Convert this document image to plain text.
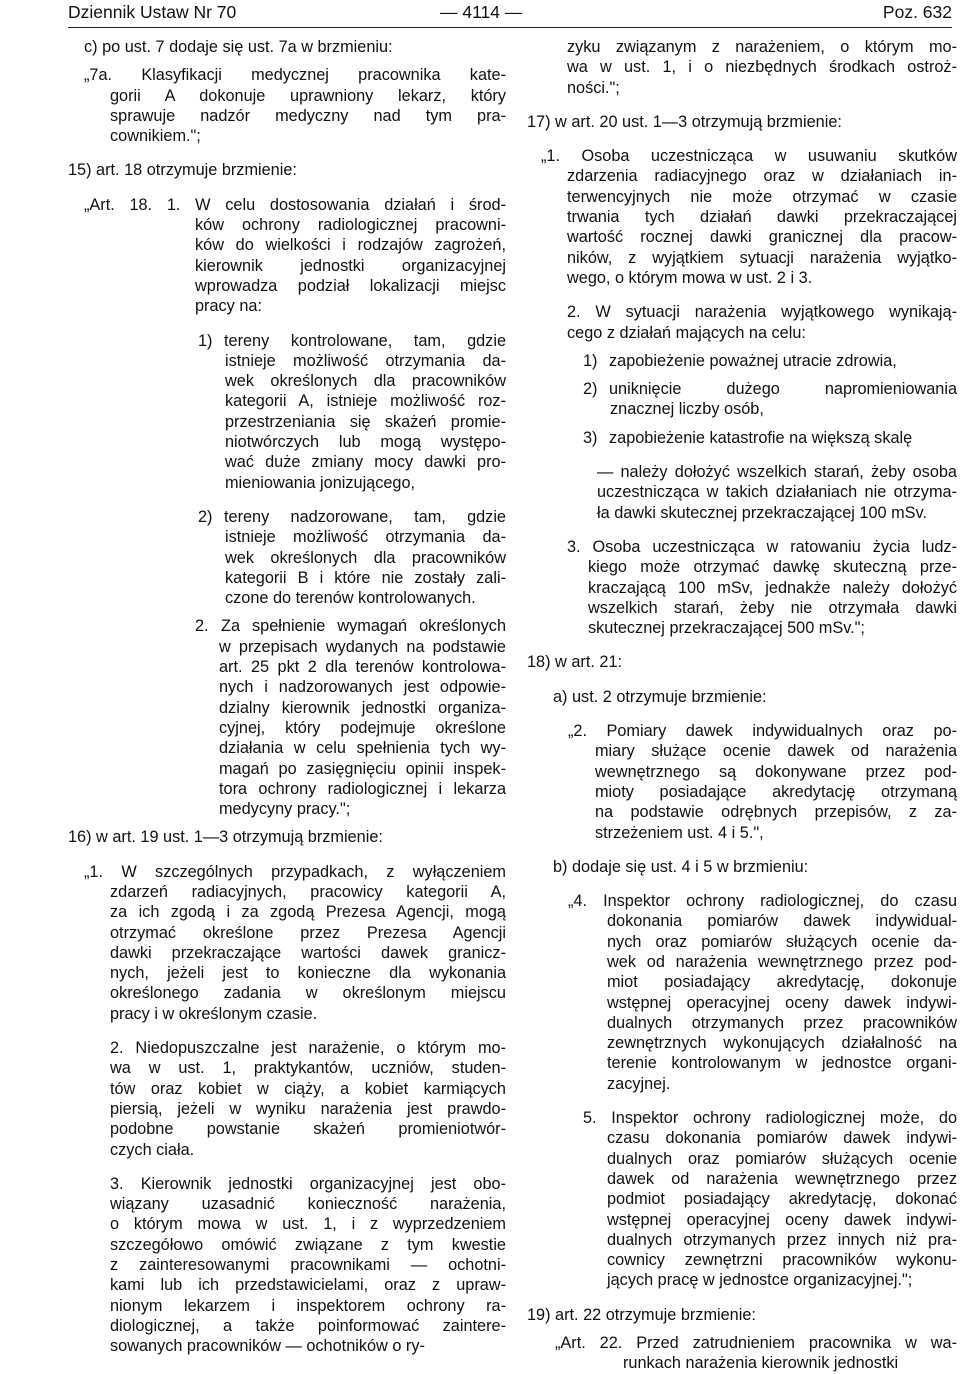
Dziennik Ustaw Nr 70	— 4114 —	Poz. 632
c) po ust. 7 dodaje się ust. 7a w brzmieniu:
„7a. Klasyfikacji medycznej pracownika kate-
gorii A dokonuje uprawniony lekarz, który
sprawuje nadzór medyczny nad tym pra-
cownikiem.";
15) art. 18 otrzymuje brzmienie:
„Art. 18. 1. W celu dostosowania działań i środ-
ków ochrony radiologicznej pracowni-
ków do wielkości i rodzajów zagrożeń,
kierownik jednostki organizacyjnej
wprowadza podział lokalizacji miejsc
pracy na:
1) tereny kontrolowane, tam, gdzie
istnieje możliwość otrzymania da-
wek określonych dla pracowników
kategorii A, istnieje możliwość roz-
przestrzeniania się skażeń promie-
niotwórczych lub mogą występo-
wać duże zmiany mocy dawki pro-
mieniowania jonizującego,
2) tereny nadzorowane, tam, gdzie
istnieje możliwość otrzymania da-
wek określonych dla pracowników
kategorii B i które nie zostały zali-
czone do terenów kontrolowanych.
2. Za spełnienie wymagań określonych
w przepisach wydanych na podstawie
art. 25 pkt 2 dla terenów kontrolowa-
nych i nadzorowanych jest odpowie-
dzialny kierownik jednostki organiza-
cyjnej, który podejmuje określone
działania w celu spełnienia tych wy-
magań po zasięgnięciu opinii inspek-
tora ochrony radiologicznej i lekarza
medycyny pracy.";
16) w art. 19 ust. 1—3 otrzymują brzmienie:
„1. W szczególnych przypadkach, z wyłączeniem
zdarzeń radiacyjnych, pracowicy kategorii A,
za ich zgodą i za zgodą Prezesa Agencji, mogą
otrzymać określone przez Prezesa Agencji
dawki przekraczające wartości dawek granicz-
nych, jeżeli jest to konieczne dla wykonania
określonego zadania w określonym miejscu
pracy i w określonym czasie.
2. Niedopuszczalne jest narażenie, o którym mo-
wa w ust. 1, praktykantów, uczniów, studen-
tów oraz kobiet w ciąży, a kobiet karmiących
piersią, jeżeli w wyniku narażenia jest prawdo-
podobne powstanie skażeń promieniotwór-
czych ciała.
3. Kierownik jednostki organizacyjnej jest obo-
wiązany uzasadnić konieczność narażenia,
o którym mowa w ust. 1, i z wyprzedzeniem
szczegółowo omówić związane z tym kwestie
z zainteresowanymi pracownikami — ochotni-
kami lub ich przedstawicielami, oraz z upraw-
nionym lekarzem i inspektorem ochrony ra-
diologicznej, a także poinformować zaintere-
sowanych pracowników — ochotników o ry-
zyku związanym z narażeniem, o którym mo-
wa w ust. 1, i o niezbędnych środkach ostroż-
ności.";
17) w art. 20 ust. 1—3 otrzymują brzmienie:
„1. Osoba uczestnicząca w usuwaniu skutków
zdarzenia radiacyjnego oraz w działaniach in-
terwencyjnych nie może otrzymać w czasie
trwania tych działań dawki przekraczającej
wartość rocznej dawki granicznej dla pracow-
ników, z wyjątkiem sytuacji narażenia wyjątko-
wego, o którym mowa w ust. 2 i 3.
2. W sytuacji narażenia wyjątkowego wynikają-
cego z działań mających na celu:
1) zapobieżenie poważnej utracie zdrowia,
2) uniknięcie dużego napromieniowania
znacznej liczby osób,
3) zapobieżenie katastrofie na większą skalę
— należy dołożyć wszelkich starań, żeby osoba
uczestnicząca w takich działaniach nie otrzyma-
ła dawki skutecznej przekraczającej 100 mSv.
3. Osoba uczestnicząca w ratowaniu życia ludz-
kiego może otrzymać dawkę skuteczną prze-
kraczającą 100 mSv, jednakże należy dołożyć
wszelkich starań, żeby nie otrzymała dawki
skutecznej przekraczającej 500 mSv.";
18) w art. 21:
a) ust. 2 otrzymuje brzmienie:
„2. Pomiary dawek indywidualnych oraz po-
miary służące ocenie dawek od narażenia
wewnętrznego są dokonywane przez pod-
mioty posiadające akredytację otrzymaną
na podstawie odrębnych przepisów, z za-
strzeżeniem ust. 4 i 5.",
b) dodaje się ust. 4 i 5 w brzmieniu:
„4. Inspektor ochrony radiologicznej, do czasu
dokonania pomiarów dawek indywidual-
nych oraz pomiarów służących ocenie da-
wek od narażenia wewnętrznego przez pod-
miot posiadający akredytację, dokonuje
wstępnej operacyjnej oceny dawek indywi-
dualnych otrzymanych przez pracowników
zewnętrznych wykonujących działalność na
terenie kontrolowanym w jednostce organi-
zacyjnej.
5. Inspektor ochrony radiologicznej może, do
czasu dokonania pomiarów dawek indywi-
dualnych oraz pomiarów służących ocenie
dawek od narażenia wewnętrznego przez
podmiot posiadający akredytację, dokonać
wstępnej operacyjnej oceny dawek indywi-
dualnych otrzymanych przez innych niż pra-
cownicy zewnętrzni pracowników wykonu-
jących pracę w jednostce organizacyjnej.";
19) art. 22 otrzymuje brzmienie:
„Art. 22. Przed zatrudnieniem pracownika w wa-
runkach narażenia kierownik jednostki
